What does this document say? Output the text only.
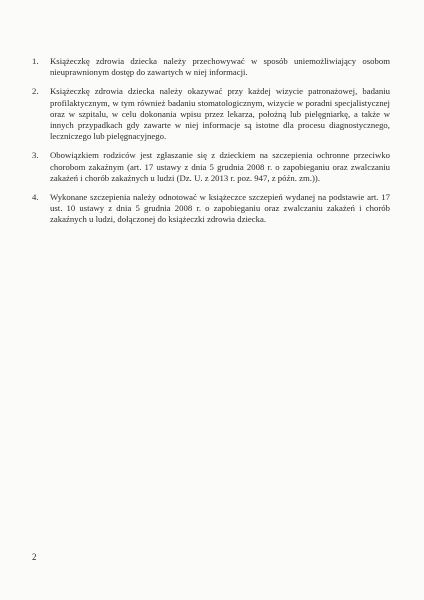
1.	Książeczkę zdrowia dziecka należy przechowywać w sposób uniemożliwiający osobom nieuprawnionym dostęp do zawartych w niej informacji.
2.	Książeczkę zdrowia dziecka należy okazywać przy każdej wizycie patronażowej, badaniu profilaktycznym, w tym również badaniu stomatologicznym, wizycie w poradni specjalistycznej oraz w szpitalu, w celu dokonania wpisu przez lekarza, położną lub pielęgniarkę, a także w innych przypadkach gdy zawarte w niej informacje są istotne dla procesu diagnostycznego, leczniczego lub pielęgnacyjnego.
3.	Obowiązkiem rodziców jest zgłaszanie się z dzieckiem na szczepienia ochronne przeciwko chorobom zakaźnym (art. 17 ustawy z dnia 5 grudnia 2008 r. o zapobieganiu oraz zwalczaniu zakażeń i chorób zakaźnych u ludzi (Dz. U. z 2013 r. poz. 947, z późn. zm.)).
4.	Wykonane szczepienia należy odnotować w książeczce szczepień wydanej na podstawie art. 17 ust. 10 ustawy z dnia 5 grudnia 2008 r. o zapobieganiu oraz zwalczaniu zakażeń i chorób zakaźnych u ludzi, dołączonej do książeczki zdrowia dziecka.
2
